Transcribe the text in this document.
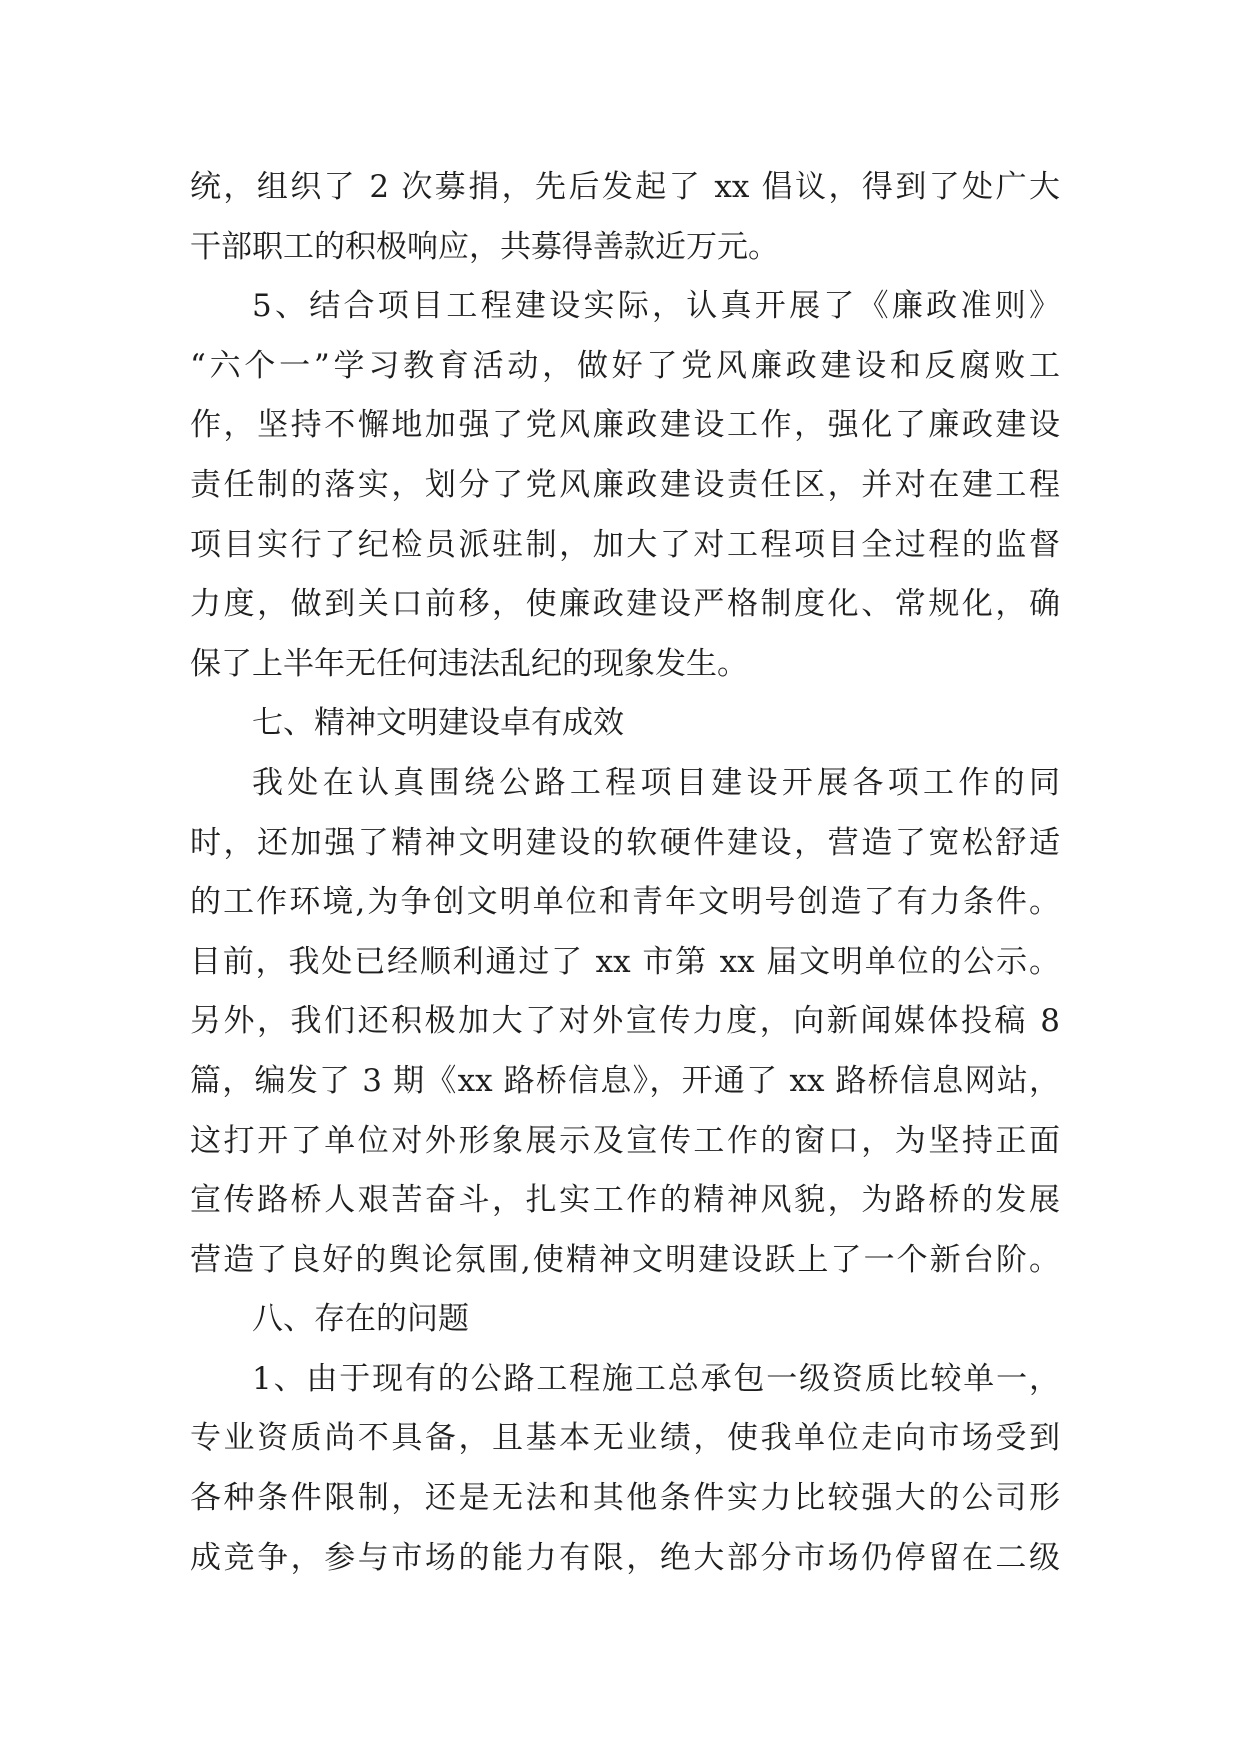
统，组织了 2 次募捐，先后发起了 xx 倡议，得到了处广大
干部职工的积极响应，共募得善款近万元。
5、结合项目工程建设实际，认真开展了《廉政准则》
“六个一”学习教育活动，做好了党风廉政建设和反腐败工
作，坚持不懈地加强了党风廉政建设工作，强化了廉政建设
责任制的落实，划分了党风廉政建设责任区，并对在建工程
项目实行了纪检员派驻制，加大了对工程项目全过程的监督
力度，做到关口前移，使廉政建设严格制度化、常规化，确
保了上半年无任何违法乱纪的现象发生。
七、精神文明建设卓有成效
我处在认真围绕公路工程项目建设开展各项工作的同
时，还加强了精神文明建设的软硬件建设，营造了宽松舒适
的工作环境,为争创文明单位和青年文明号创造了有力条件。
目前，我处已经顺利通过了 xx 市第 xx 届文明单位的公示。
另外，我们还积极加大了对外宣传力度，向新闻媒体投稿 8
篇，编发了 3 期《xx 路桥信息》，开通了 xx 路桥信息网站，
这打开了单位对外形象展示及宣传工作的窗口，为坚持正面
宣传路桥人艰苦奋斗，扎实工作的精神风貌，为路桥的发展
营造了良好的舆论氛围,使精神文明建设跃上了一个新台阶。
八、存在的问题
1、由于现有的公路工程施工总承包一级资质比较单一，
专业资质尚不具备，且基本无业绩，使我单位走向市场受到
各种条件限制，还是无法和其他条件实力比较强大的公司形
成竞争，参与市场的能力有限，绝大部分市场仍停留在二级
